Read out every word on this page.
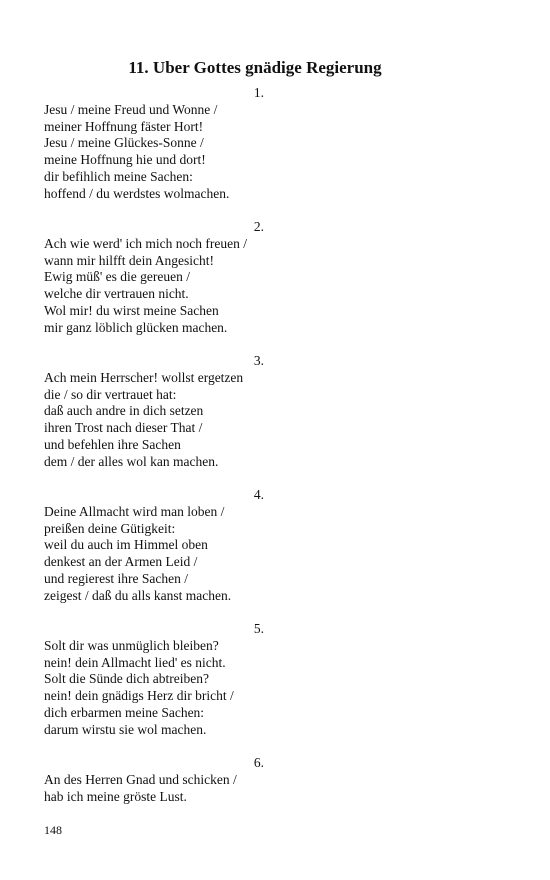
11. Uber Gottes gnädige Regierung
1.
Jesu / meine Freud und Wonne /
meiner Hoffnung fäster Hort!
Jesu / meine Glückes-Sonne /
meine Hoffnung hie und dort!
dir befihlich meine Sachen:
hoffend / du werdstes wolmachen.
2.
Ach wie werd' ich mich noch freuen /
wann mir hilfft dein Angesicht!
Ewig müß' es die gereuen /
welche dir vertrauen nicht.
Wol mir! du wirst meine Sachen
mir ganz löblich glücken machen.
3.
Ach mein Herrscher! wollst ergetzen
die / so dir vertrauet hat:
daß auch andre in dich setzen
ihren Trost nach dieser That /
und befehlen ihre Sachen
dem / der alles wol kan machen.
4.
Deine Allmacht wird man loben /
preißen deine Gütigkeit:
weil du auch im Himmel oben
denkest an der Armen Leid /
und regierest ihre Sachen /
zeigest / daß du alls kanst machen.
5.
Solt dir was unmüglich bleiben?
nein! dein Allmacht lied' es nicht.
Solt die Sünde dich abtreiben?
nein! dein gnädigs Herz dir bricht /
dich erbarmen meine Sachen:
darum wirstu sie wol machen.
6.
An des Herren Gnad und schicken /
hab ich meine gröste Lust.
148
